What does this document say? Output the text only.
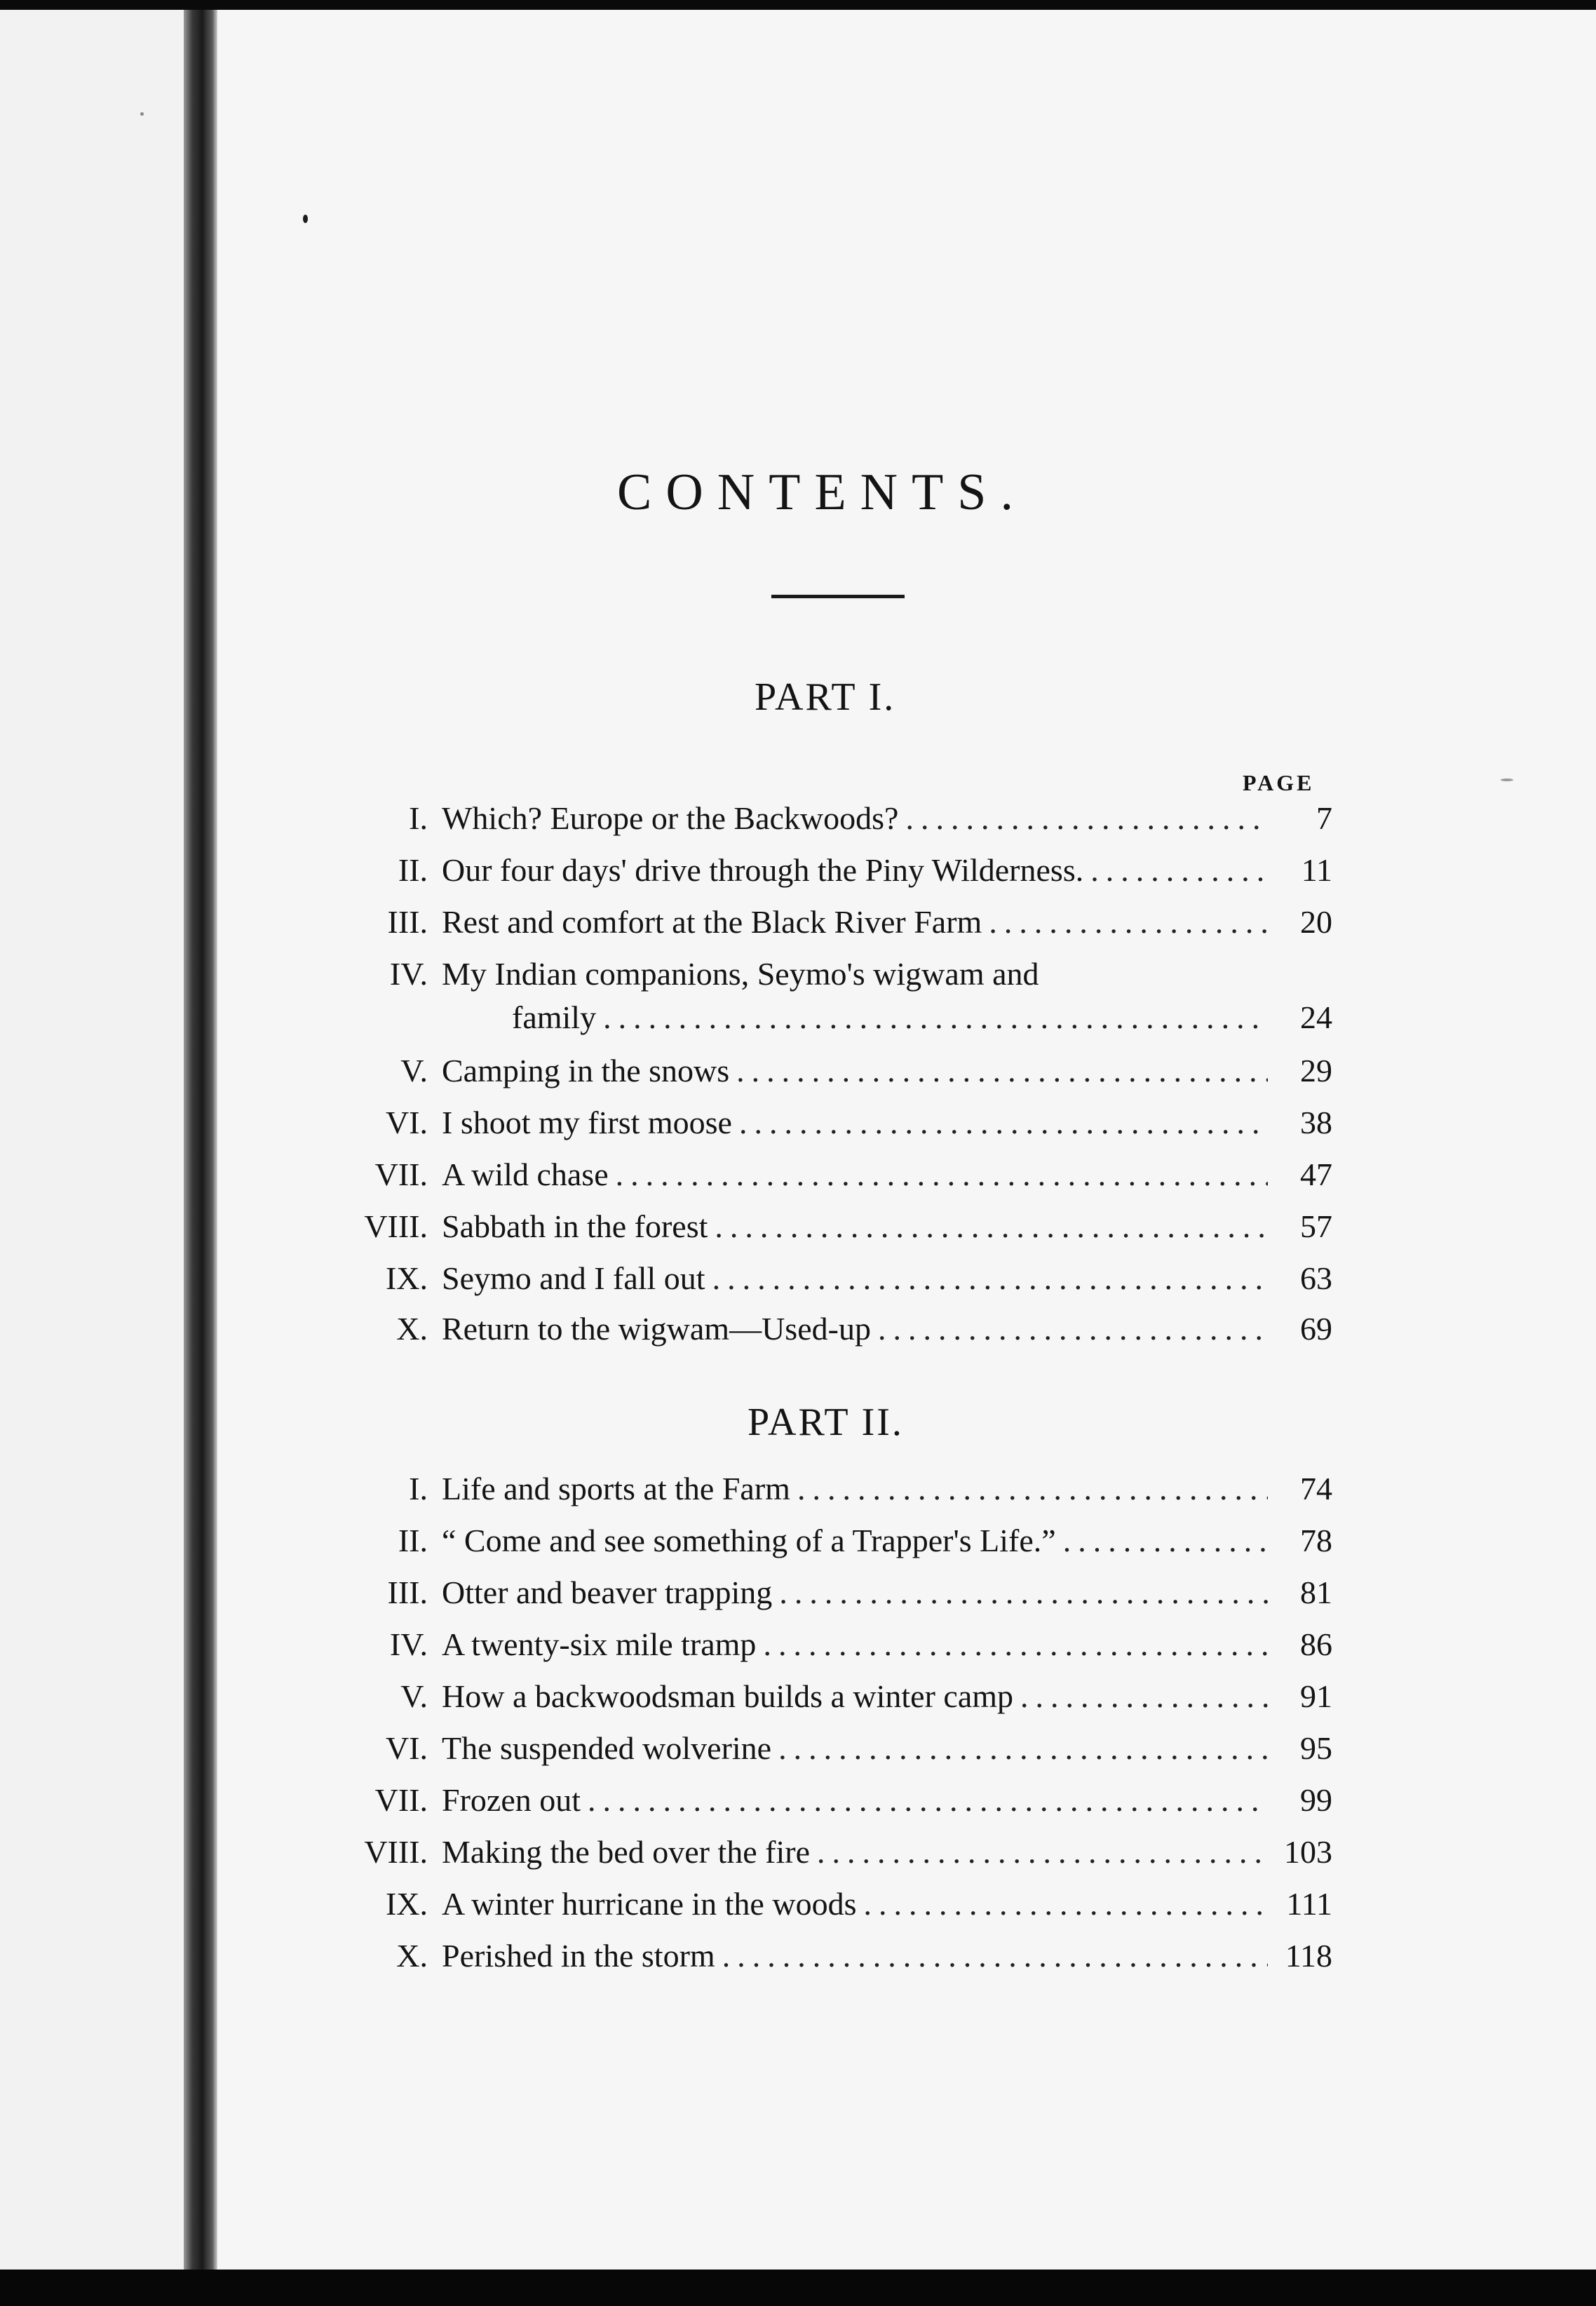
CONTENTS.
PART I.
PAGE
I. Which? Europe or the Backwoods? .....	7
II. Our four days' drive through the Piny Wilderness. .....	11
III. Rest and comfort at the Black River Farm .....	20
IV. My Indian companions, Seymo's wigwam and
family .....	24
V. Camping in the snows .....	29
VI. I shoot my first moose .....	38
VII. A wild chase .....	47
VIII. Sabbath in the forest .....	57
IX. Seymo and I fall out .....	63
X. Return to the wigwam—Used-up .....	69
PART II.
I. Life and sports at the Farm .....	74
II. “ Come and see something of a Trapper's Life.” .....	78
III. Otter and beaver trapping .....	81
IV. A twenty-six mile tramp .....	86
V. How a backwoodsman builds a winter camp .....	91
VI. The suspended wolverine .....	95
VII. Frozen out .....	99
VIII. Making the bed over the fire .....	103
IX. A winter hurricane in the woods .....	111
X. Perished in the storm .....	118
